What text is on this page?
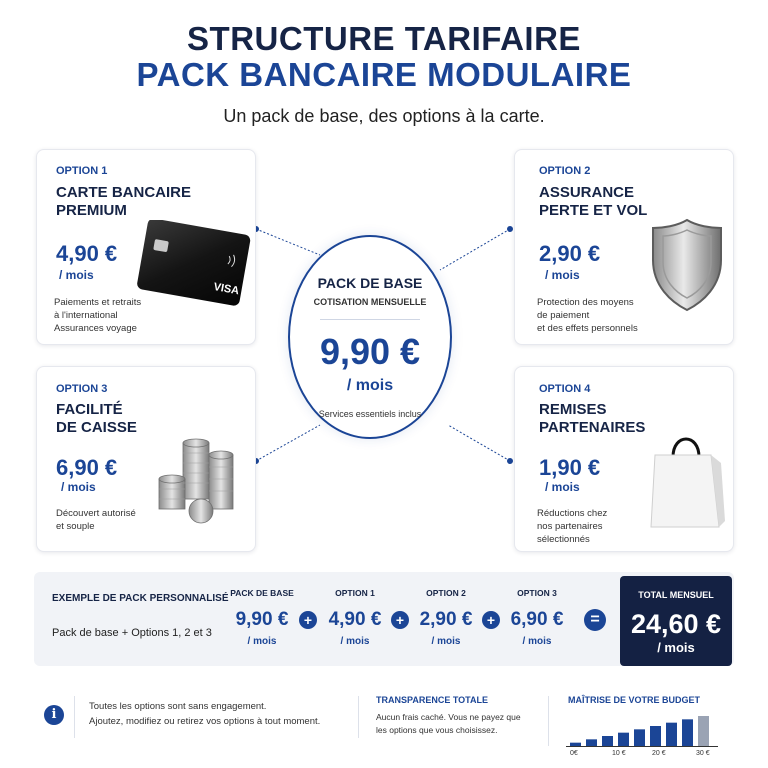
STRUCTURE TARIFAIRE
PACK BANCAIRE MODULAIRE
Un pack de base, des options à la carte.
OPTION 1
CARTE BANCAIRE
PREMIUM
4,90 €
/ mois
Paiements et retraits
à l'international
Assurances voyage
VISA
OPTION 2
ASSURANCE
PERTE ET VOL
2,90 €
/ mois
Protection des moyens
de paiement
et des effets personnels
OPTION 3
FACILITÉ
DE CAISSE
6,90 €
/ mois
Découvert autorisé
et souple
OPTION 4
REMISES
PARTENAIRES
1,90 €
/ mois
Réductions chez
nos partenaires
sélectionnés
PACK DE BASE
COTISATION MENSUELLE
9,90 €
/ mois
Services essentiels inclus
EXEMPLE DE PACK PERSONNALISÉ
Pack de base + Options 1, 2 et 3
PACK DE BASE
9,90 €
/ mois
+
OPTION 1
4,90 €
/ mois
+
OPTION 2
2,90 €
/ mois
+
OPTION 3
6,90 €
/ mois
=
TOTAL MENSUEL
24,60 €
/ mois
i
Toutes les options sont sans engagement.
Ajoutez, modifiez ou retirez vos options à tout moment.
TRANSPARENCE TOTALE
Aucun frais caché. Vous ne payez que
les options que vous choisissez.
MAÎTRISE DE VOTRE BUDGET
0€	10 €	20 €	30 €
